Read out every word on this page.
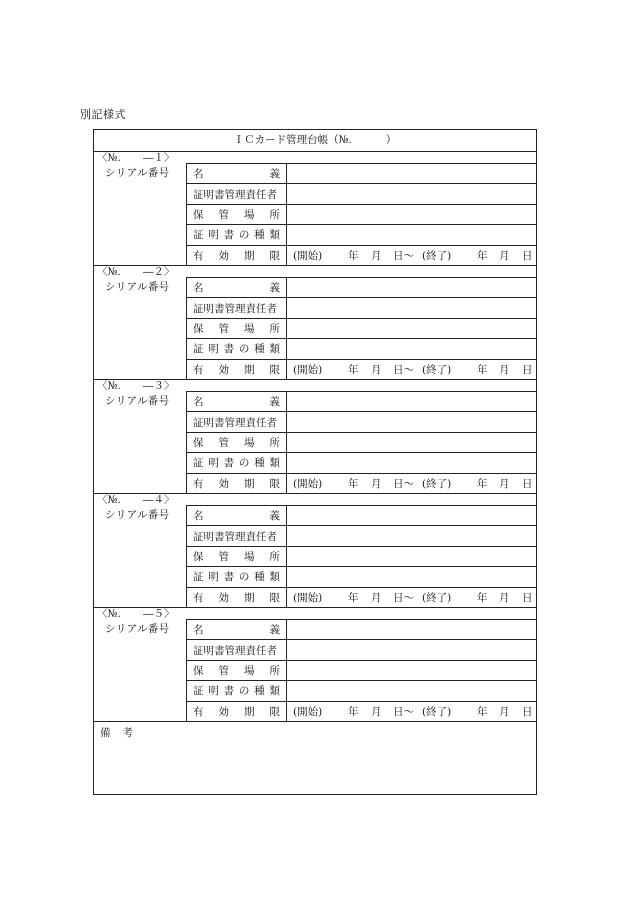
別記様式
ＩＣカード管理台帳（№.	）
〈№. ―１〉
シリアル番号 名	義
証明書管理責任者
保 管 場 所
証 明 書 の 種 類
有 効 期 限 (開始) 年 月 日～ (終了) 年 月 日
〈№. ―２〉
シリアル番号 名	義
証明書管理責任者
保 管 場 所
証 明 書 の 種 類
有 効 期 限 (開始) 年 月 日～ (終了) 年 月 日
〈№. ―３〉
シリアル番号 名	義
証明書管理責任者
保 管 場 所
証 明 書 の 種 類
有 効 期 限 (開始) 年 月 日～ (終了) 年 月 日
〈№. ―４〉
シリアル番号 名	義
証明書管理責任者
保 管 場 所
証 明 書 の 種 類
有 効 期 限 (開始) 年 月 日～ (終了) 年 月 日
〈№. ―５〉
シリアル番号 名	義
証明書管理責任者
保 管 場 所
証 明 書 の 種 類
有 効 期 限 (開始) 年 月 日～ (終了) 年 月 日
備 考
